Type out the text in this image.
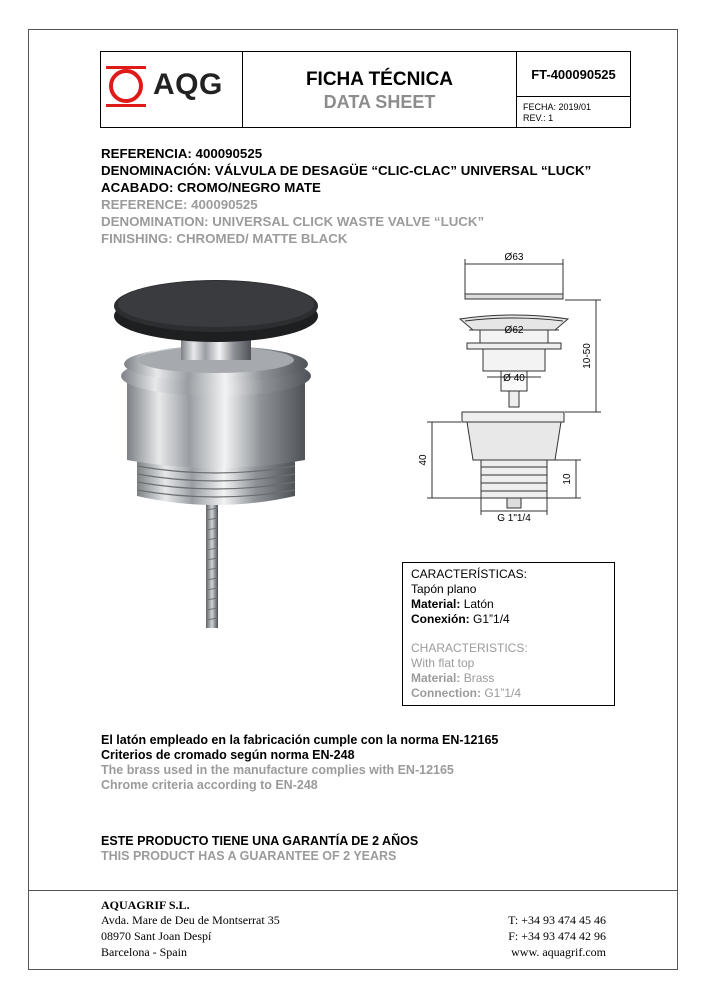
AQG	FICHA TÉCNICA
DATA SHEET
FT-400090525
FECHA: 2019/01
REV.: 1
REFERENCIA: 400090525
DENOMINACIÓN: VÁLVULA DE DESAGÜE “CLIC-CLAC” UNIVERSAL “LUCK”
ACABADO: CROMO/NEGRO MATE
REFERENCE: 400090525
DENOMINATION: UNIVERSAL CLICK WASTE VALVE “LUCK”
FINISHING: CHROMED/ MATTE BLACK
Ø63
Ø62
Ø 40
10-50
40
10
G 1"1/4
CARACTERÍSTICAS:
Tapón plano
Material: Latón
Conexión: G1”1/4
CHARACTERISTICS:
With flat top
Material: Brass
Connection: G1”1/4
El latón empleado en la fabricación cumple con la norma EN-12165
Criterios de cromado según norma EN-248
The brass used in the manufacture complies with EN-12165
Chrome criteria according to EN-248
ESTE PRODUCTO TIENE UNA GARANTÍA DE 2 AÑOS
THIS PRODUCT HAS A GUARANTEE OF 2 YEARS
AQUAGRIF S.L.
Avda. Mare de Deu de Montserrat 35
08970 Sant Joan Despí
Barcelona - Spain
T: +34 93 474 45 46
F: +34 93 474 42 96
www. aquagrif.com
